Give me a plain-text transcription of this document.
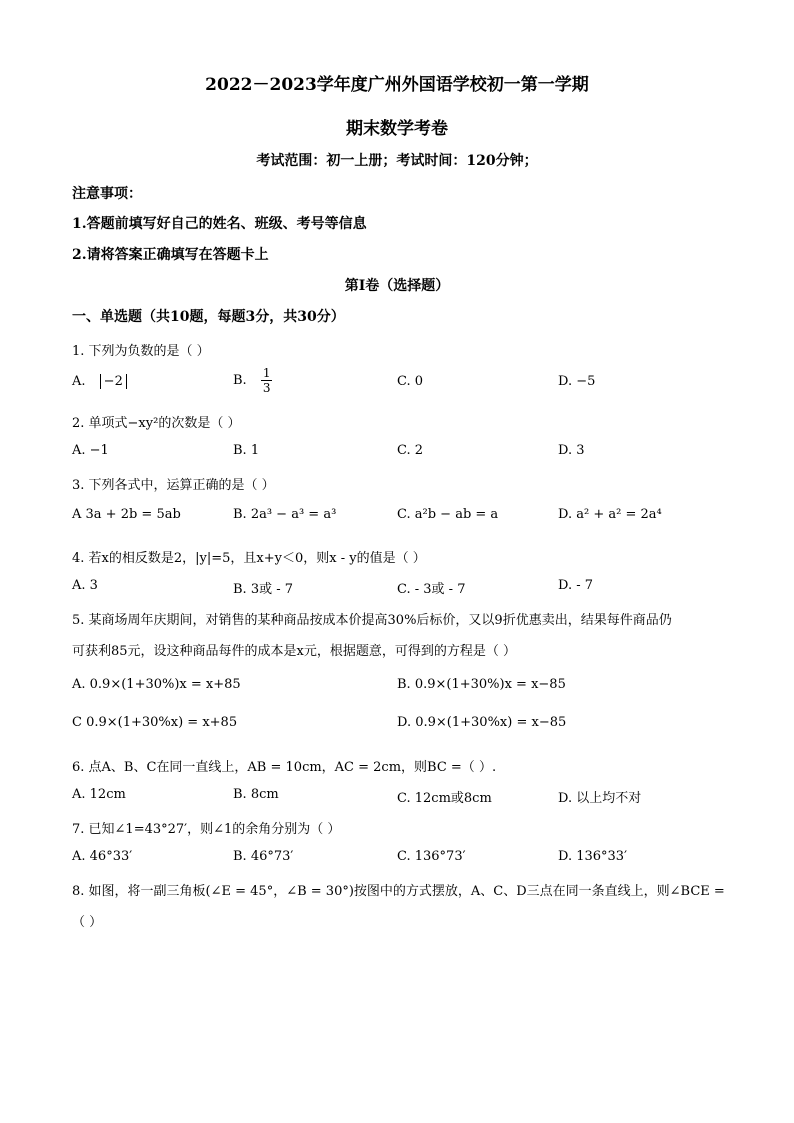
2022－2023学年度广州外国语学校初一第一学期
期末数学考卷
考试范围：初一上册；考试时间：120分钟；
注意事项：
1.答题前填写好自己的姓名、班级、考号等信息
2.请将答案正确填写在答题卡上
第I卷（选择题）
一、单选题（共10题，每题3分，共30分）
1. 下列为负数的是（ ）
A. −2	B. $\frac{1}{3}$	C. 0	D. −5
2. 单项式−xy²的次数是（ ）
A. −1	B. 1	C. 2	D. 3
3. 下列各式中，运算正确的是（ ）
A 3a + 2b = 5ab	B. 2a³ − a³ = a³	C. a²b − ab = a	D. a² + a² = 2a⁴
4. 若x的相反数是2，|y|=5，且x+y＜0，则x - y的值是（ ）
A. 3	B. 3或 - 7	C. - 3或 - 7	D. - 7
5. 某商场周年庆期间，对销售的某种商品按成本价提高30%后标价，又以9折优惠卖出，结果每件商品仍
可获利85元，设这种商品每件的成本是x元，根据题意，可得到的方程是（ ）
A. 0.9×(1+30%)x = x+85	B. 0.9×(1+30%)x = x−85
C 0.9×(1+30%x) = x+85	D. 0.9×(1+30%x) = x−85
6. 点A、B、C在同一直线上，AB = 10cm，AC = 2cm，则BC =（ ）.
A. 12cm	B. 8cm	C. 12cm或8cm	D. 以上均不对
7. 已知∠1=43°27′，则∠1的余角分别为（ ）
A. 46°33′	B. 46°73′	C. 136°73′	D. 136°33′
8. 如图，将一副三角板(∠E = 45°，∠B = 30°)按图中的方式摆放，A、C、D三点在同一条直线上，则∠BCE =
（ ）
